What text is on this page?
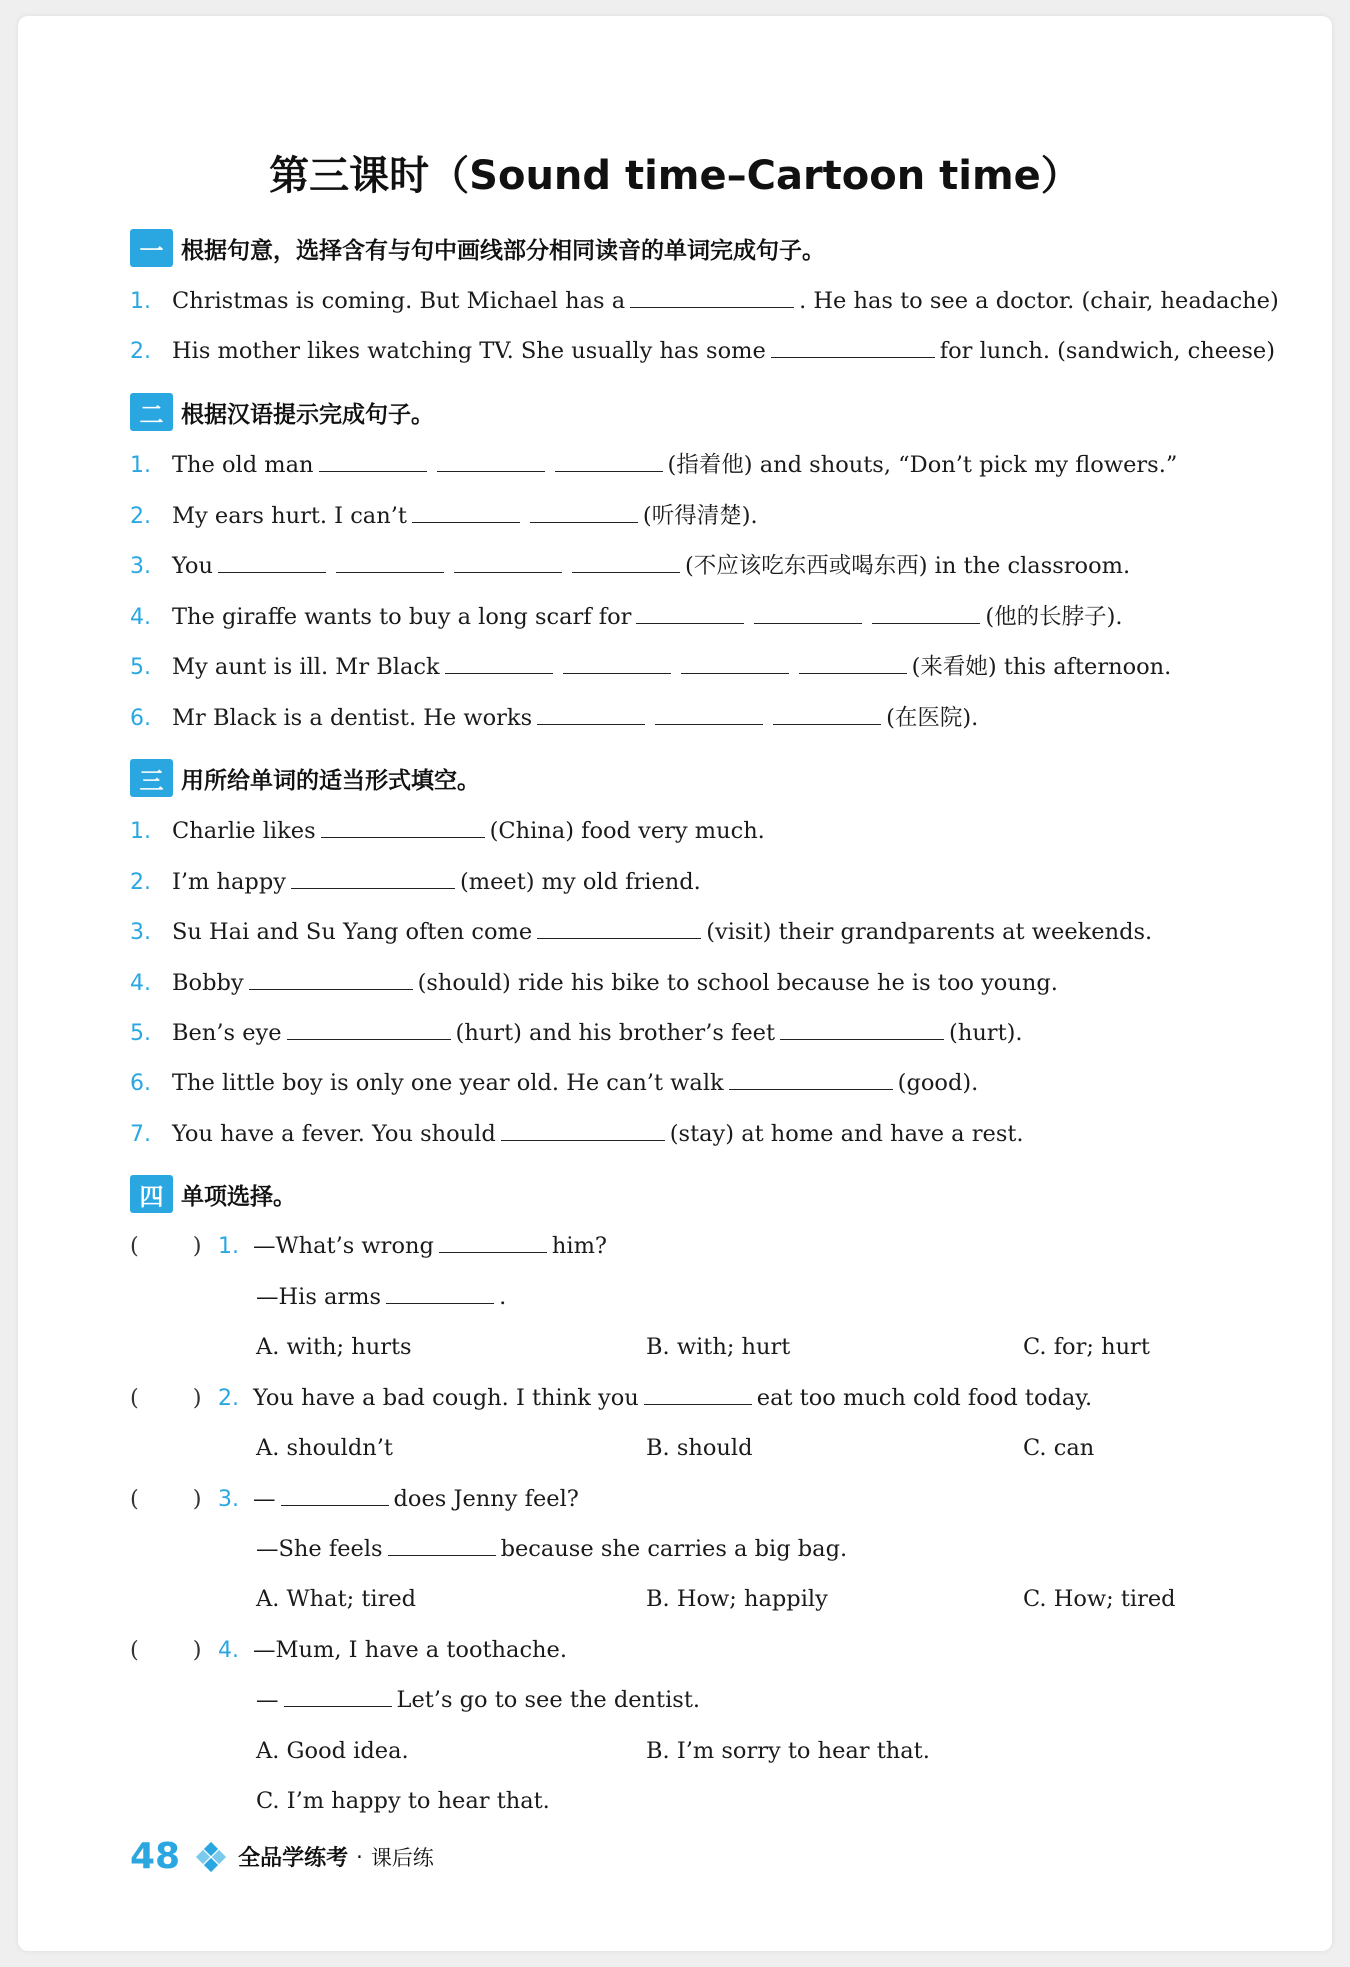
第三课时（Sound time–Cartoon time）
一 根据句意，选择含有与句中画线部分相同读音的单词完成句子。
1. Christmas is coming. But Michael has a	. He has to see a doctor. (chair, headache)
2. His mother likes watching TV. She usually has some	for lunch. (sandwich, cheese)
二 根据汉语提示完成句子。
1. The old man	(指着他) and shouts, “Don’t pick my flowers.”
2. My ears hurt. I can’t	(听得清楚).
3. You	(不应该吃东西或喝东西) in the classroom.
4. The giraffe wants to buy a long scarf for	(他的长脖子).
5. My aunt is ill. Mr Black	(来看她) this afternoon.
6. Mr Black is a dentist. He works	(在医院).
三 用所给单词的适当形式填空。
1. Charlie likes	(China) food very much.
2. I’m happy	(meet) my old friend.
3. Su Hai and Su Yang often come	(visit) their grandparents at weekends.
4. Bobby	(should) ride his bike to school because he is too young.
5. Ben’s eye	(hurt) and his brother’s feet	(hurt).
6. The little boy is only one year old. He can’t walk	(good).
7. You have a fever. You should	(stay) at home and have a rest.
四 单项选择。
( ) 1. —What’s wrong	him?
—His arms	.
A. with; hurts	B. with; hurt	C. for; hurt
( ) 2. You have a bad cough. I think you	eat too much cold food today.
A. shouldn’t	B. should	C. can
( ) 3. —	does Jenny feel?
—She feels	because she carries a big bag.
A. What; tired	B. How; happily	C. How; tired
( ) 4. —Mum, I have a toothache.
—	Let’s go to see the dentist.
A. Good idea.	B. I’m sorry to hear that.
C. I’m happy to hear that.
48	全品学练考 · 课后练
